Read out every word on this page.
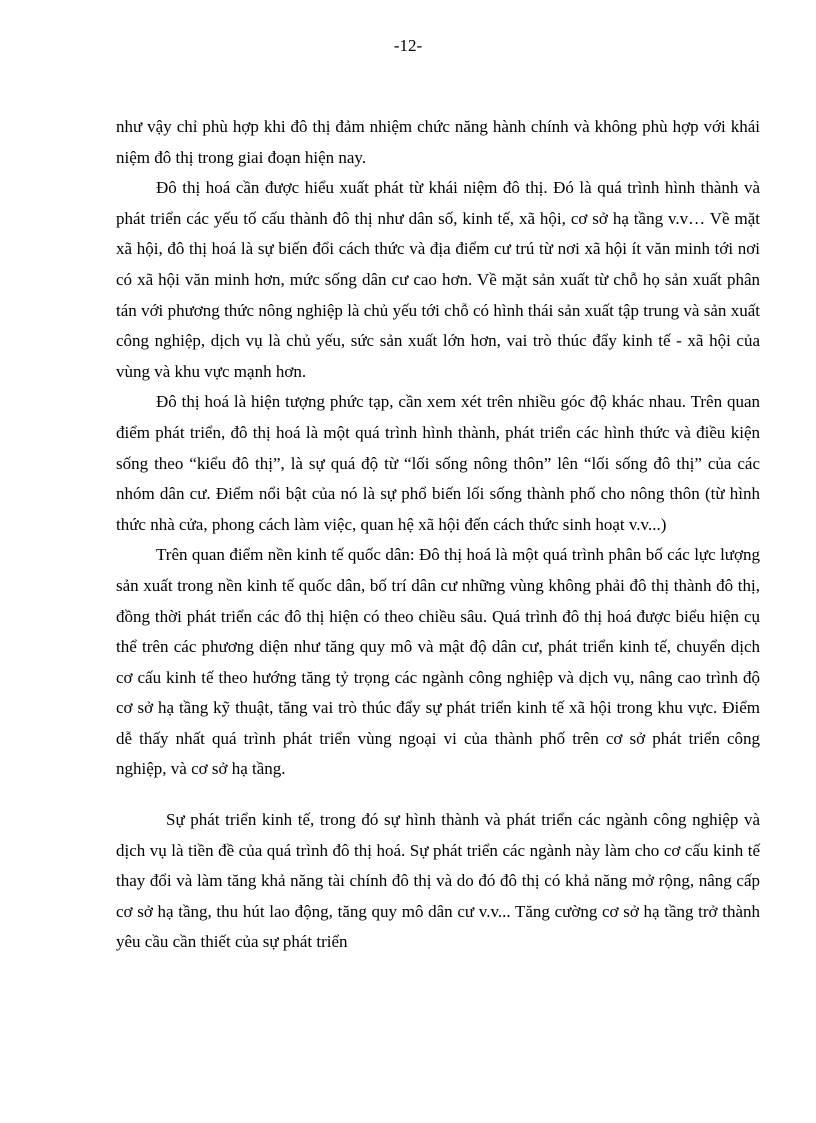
-12-

như vậy chỉ phù hợp khi đô thị đảm nhiệm chức năng hành chính và không phù hợp với khái niệm đô thị trong giai đoạn hiện nay.

Đô thị hoá cần được hiểu xuất phát từ khái niệm đô thị. Đó là quá trình hình thành và phát triển các yếu tố cấu thành đô thị như dân số, kinh tế, xã hội, cơ sở hạ tầng v.v… Về mặt xã hội, đô thị hoá là sự biến đổi cách thức và địa điểm cư trú từ nơi xã hội ít văn minh tới nơi có xã hội văn minh hơn, mức sống dân cư cao hơn. Về mặt sản xuất từ chỗ họ sản xuất phân tán với phương thức nông nghiệp là chủ yếu tới chỗ có hình thái sản xuất tập trung và sản xuất công nghiệp, dịch vụ là chủ yếu, sức sản xuất lớn hơn, vai trò thúc đẩy kinh tế - xã hội của vùng và khu vực mạnh hơn.

Đô thị hoá là hiện tượng phức tạp, cần xem xét trên nhiều góc độ khác nhau. Trên quan điểm phát triển, đô thị hoá là một quá trình hình thành, phát triển các hình thức và điều kiện sống theo “kiểu đô thị”, là sự quá độ từ “lối sống nông thôn” lên “lối sống đô thị” của các nhóm dân cư. Điểm nổi bật của nó là sự phổ biến lối sống thành phố cho nông thôn (từ hình thức nhà cửa, phong cách làm việc, quan hệ xã hội đến cách thức sinh hoạt v.v...)

Trên quan điểm nền kinh tế quốc dân: Đô thị hoá là một quá trình phân bố các lực lượng sản xuất trong nền kinh tế quốc dân, bố trí dân cư những vùng không phải đô thị thành đô thị, đồng thời phát triển các đô thị hiện có theo chiều sâu. Quá trình đô thị hoá được biểu hiện cụ thể trên các phương diện như tăng quy mô và mật độ dân cư, phát triển kinh tế, chuyển dịch cơ cấu kinh tế theo hướng tăng tỷ trọng các ngành công nghiệp và dịch vụ, nâng cao trình độ cơ sở hạ tầng kỹ thuật, tăng vai trò thúc đẩy sự phát triển kinh tế xã hội trong khu vực. Điểm dễ thấy nhất quá trình phát triển vùng ngoại vi của thành phố trên cơ sở phát triển công nghiệp, và cơ sở hạ tầng.

Sự phát triển kinh tế, trong đó sự hình thành và phát triển các ngành công nghiệp và dịch vụ là tiền đề của quá trình đô thị hoá. Sự phát triển các ngành này làm cho cơ cấu kinh tế thay đổi và làm tăng khả năng tài chính đô thị và do đó đô thị có khả năng mở rộng, nâng cấp cơ sở hạ tầng, thu hút lao động, tăng quy mô dân cư v.v... Tăng cường cơ sở hạ tầng trở thành yêu cầu cần thiết của sự phát triển
